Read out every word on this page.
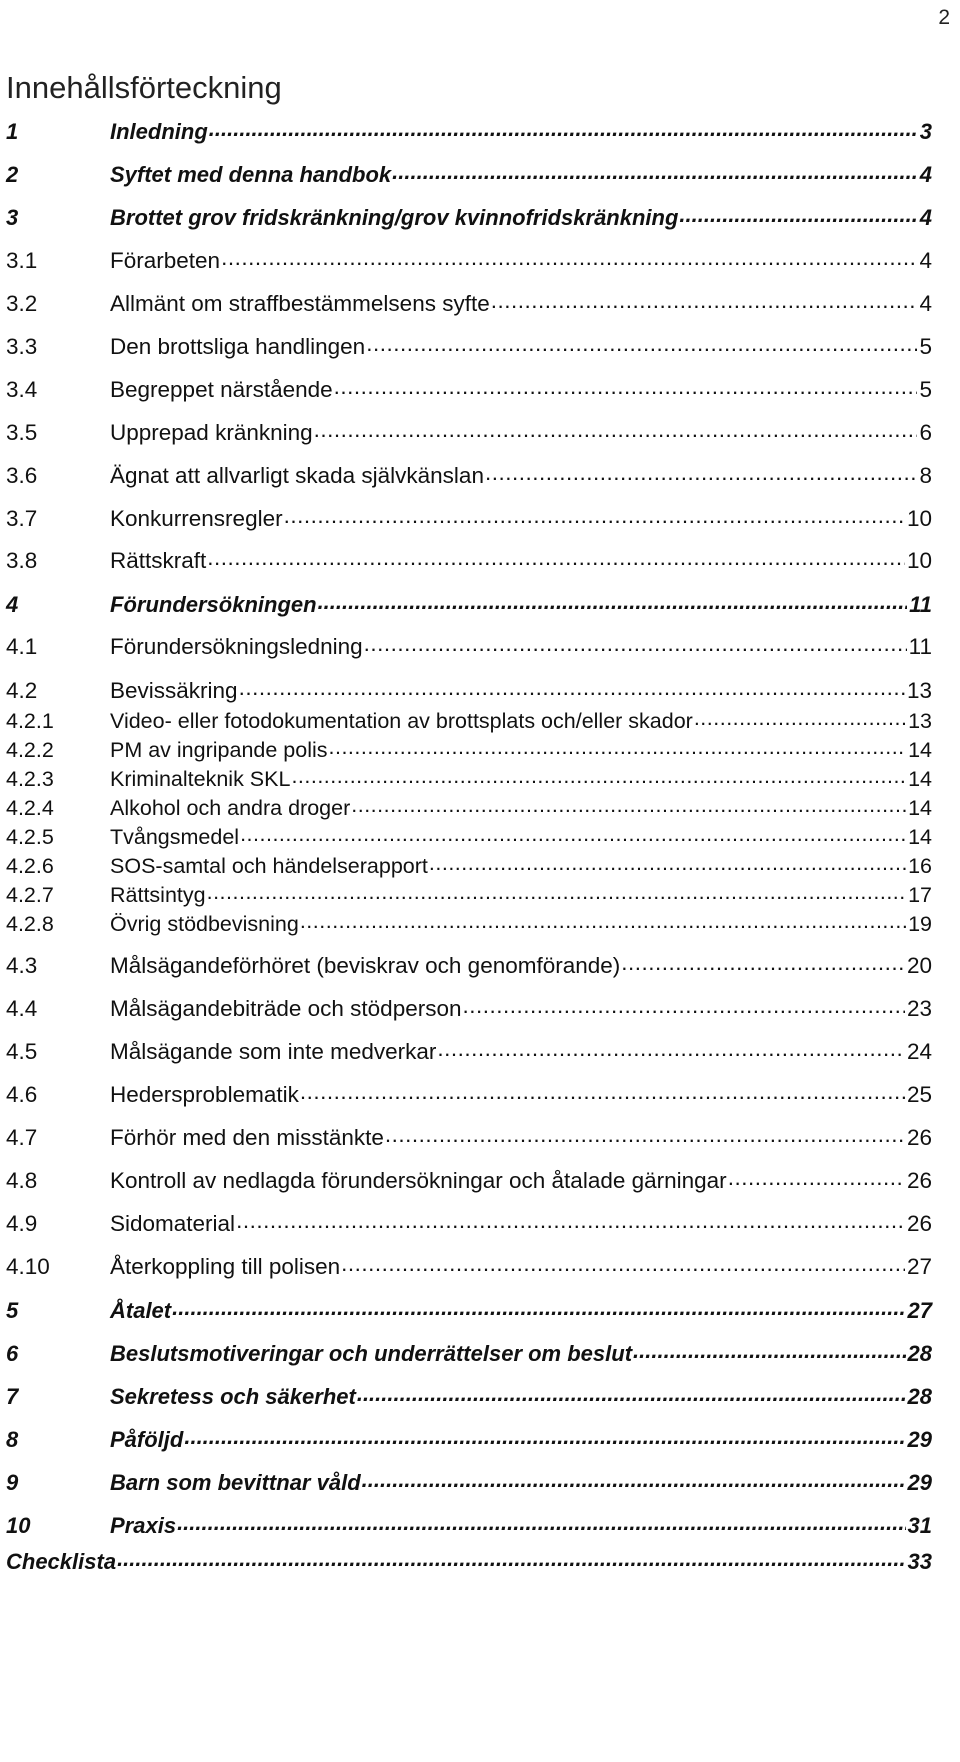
2
Innehållsförteckning
1	Inledning .....	3
2	Syftet med denna handbok .....	4
3	Brottet grov fridskränkning/grov kvinnofridskränkning .....	4
3.1	Förarbeten .....	4
3.2	Allmänt om straffbestämmelsens syfte .....	4
3.3	Den brottsliga handlingen .....	5
3.4	Begreppet närstående .....	5
3.5	Upprepad kränkning .....	6
3.6	Ägnat att allvarligt skada självkänslan .....	8
3.7	Konkurrensregler .....	10
3.8	Rättskraft .....	10
4	Förundersökningen .....	11
4.1	Förundersökningsledning .....	11
4.2	Bevissäkring .....	13
4.2.1	Video- eller fotodokumentation av brottsplats och/eller skador .....	13
4.2.2	PM av ingripande polis .....	14
4.2.3	Kriminalteknik SKL .....	14
4.2.4	Alkohol och andra droger .....	14
4.2.5	Tvångsmedel .....	14
4.2.6	SOS-samtal och händelserapport .....	16
4.2.7	Rättsintyg .....	17
4.2.8	Övrig stödbevisning .....	19
4.3	Målsägandeförhöret (beviskrav och genomförande) .....	20
4.4	Målsägandebiträde och stödperson .....	23
4.5	Målsägande som inte medverkar .....	24
4.6	Hedersproblematik .....	25
4.7	Förhör med den misstänkte .....	26
4.8	Kontroll av nedlagda förundersökningar och åtalade gärningar .....	26
4.9	Sidomaterial .....	26
4.10	Återkoppling till polisen .....	27
5	Åtalet .....	27
6	Beslutsmotiveringar och underrättelser om beslut .....	28
7	Sekretess och säkerhet .....	28
8	Påföljd .....	29
9	Barn som bevittnar våld .....	29
10	Praxis .....	31
Checklista .....	33
